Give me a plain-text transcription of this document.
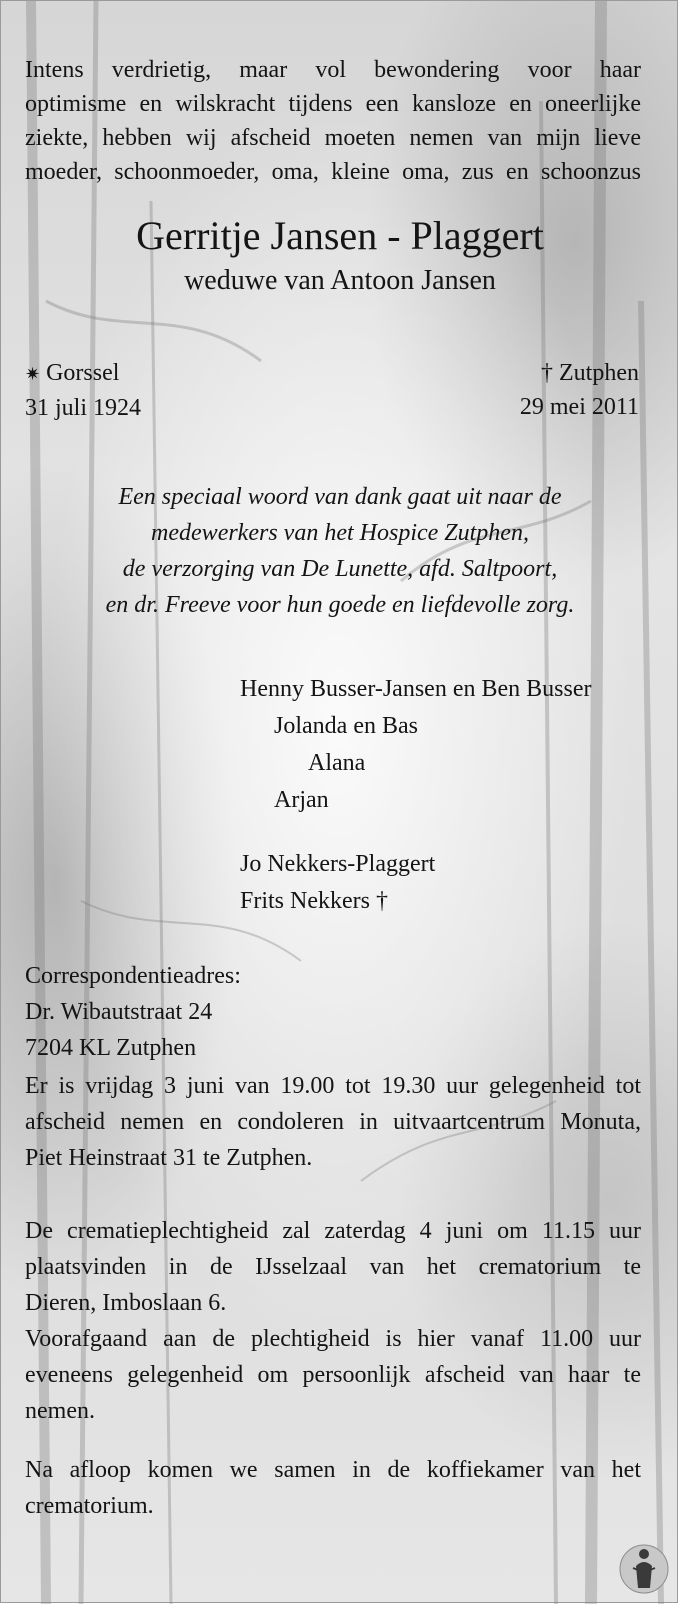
Intens verdrietig, maar vol bewondering voor haar
optimisme en wilskracht tijdens een kansloze en oneerlijke
ziekte, hebben wij afscheid moeten nemen van mijn lieve
moeder, schoonmoeder, oma, kleine oma, zus en schoonzus
Gerritje Jansen - Plaggert
weduwe van Antoon Jansen
✷ Gorssel
31 juli 1924
† Zutphen
29 mei 2011
Een speciaal woord van dank gaat uit naar de
medewerkers van het Hospice Zutphen,
de verzorging van De Lunette, afd. Saltpoort,
en dr. Freeve voor hun goede en liefdevolle zorg.
Henny Busser-Jansen en Ben Busser
Jolanda en Bas
Alana
Arjan
Jo Nekkers-Plaggert
Frits Nekkers †
Correspondentieadres:
Dr. Wibautstraat 24
7204 KL Zutphen
Er is vrijdag 3 juni van 19.00 tot 19.30 uur gelegenheid tot
afscheid nemen en condoleren in uitvaartcentrum Monuta,
Piet Heinstraat 31 te Zutphen.
De crematieplechtigheid zal zaterdag 4 juni om 11.15 uur
plaatsvinden in de IJsselzaal van het crematorium te
Dieren, Imboslaan 6.
Voorafgaand aan de plechtigheid is hier vanaf 11.00 uur
eveneens gelegenheid om persoonlijk afscheid van haar te
nemen.
Na afloop komen we samen in de koffiekamer van het
crematorium.
